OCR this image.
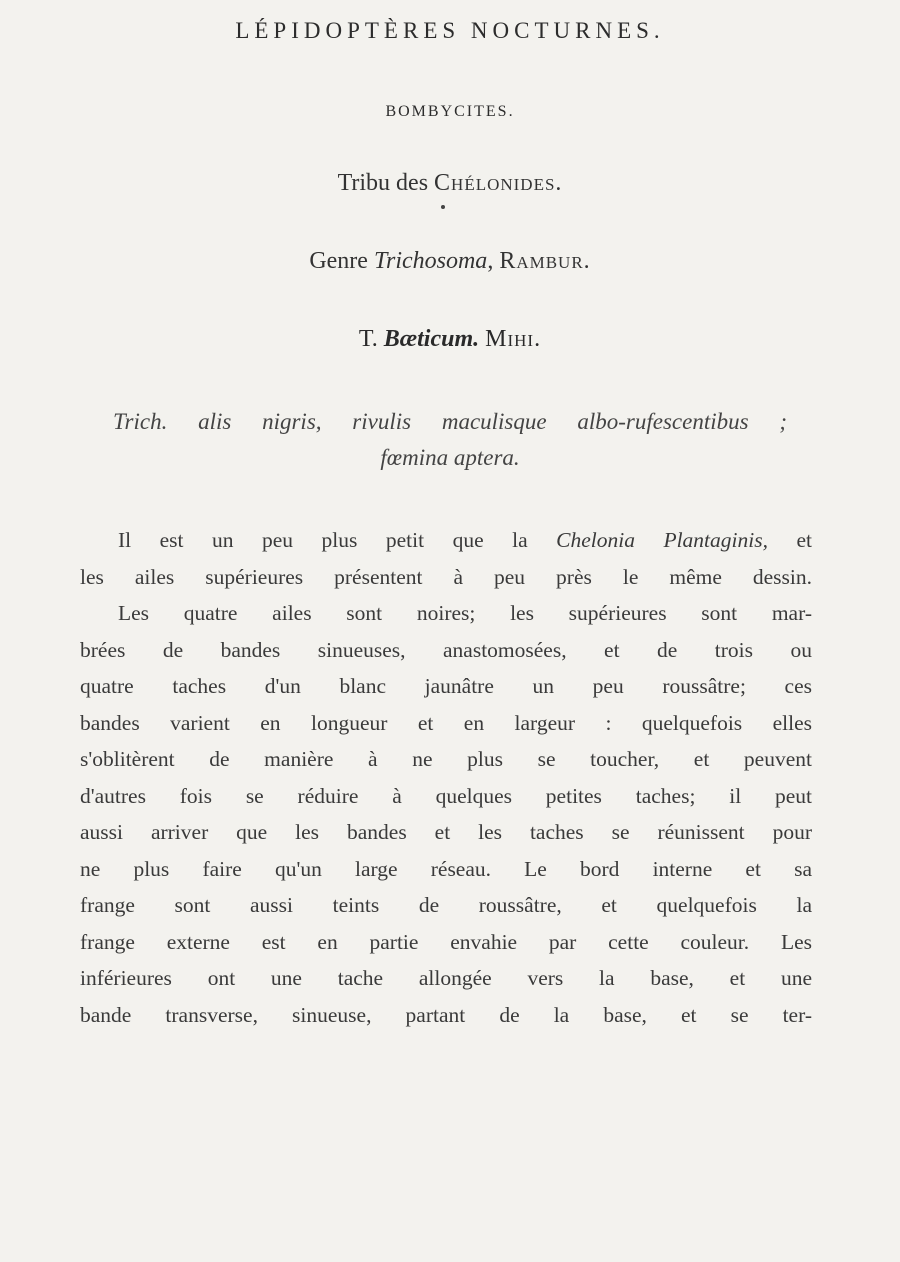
LÉPIDOPTÈRES NOCTURNES.
BOMBYCITES.
Tribu des Chélonides.
Genre Trichosoma, Rambur.
T. Bæticum. Mihi.
Trich. alis nigris, rivulis maculisque albo-rufescentibus ;
fœmina aptera.
Il est un peu plus petit que la Chelonia Plantaginis, et
les ailes supérieures présentent à peu près le même dessin.
Les quatre ailes sont noires; les supérieures sont mar-
brées de bandes sinueuses, anastomosées, et de trois ou
quatre taches d'un blanc jaunâtre un peu roussâtre; ces
bandes varient en longueur et en largeur : quelquefois elles
s'oblitèrent de manière à ne plus se toucher, et peuvent
d'autres fois se réduire à quelques petites taches; il peut
aussi arriver que les bandes et les taches se réunissent pour
ne plus faire qu'un large réseau. Le bord interne et sa
frange sont aussi teints de roussâtre, et quelquefois la
frange externe est en partie envahie par cette couleur. Les
inférieures ont une tache allongée vers la base, et une
bande transverse, sinueuse, partant de la base, et se ter-
